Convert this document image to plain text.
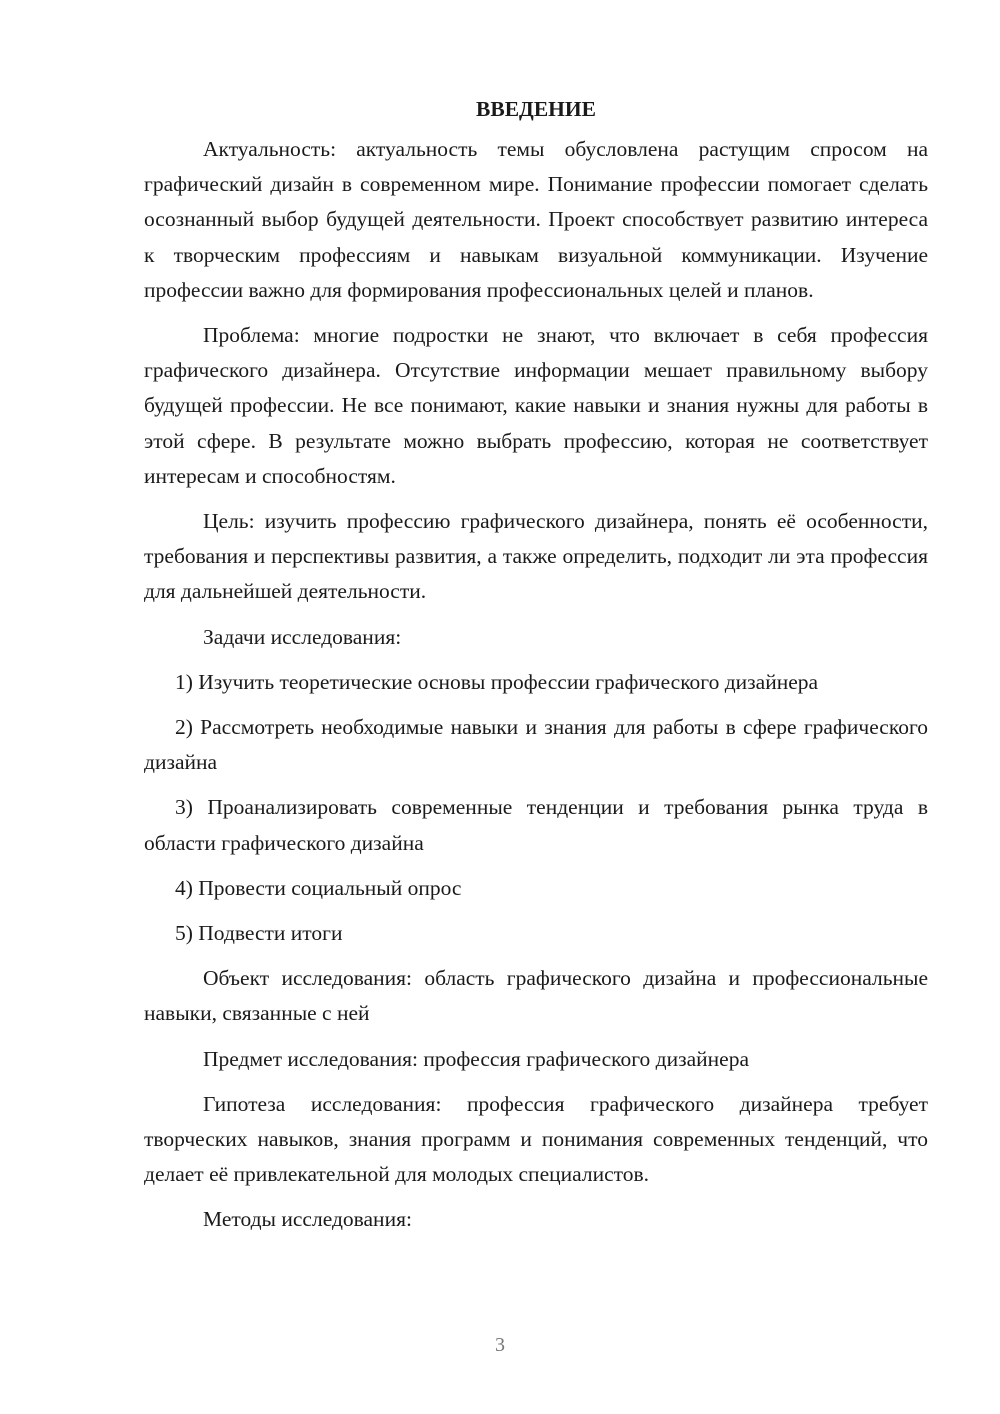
ВВЕДЕНИЕ

Актуальность: актуальность темы обусловлена растущим спросом на графический дизайн в современном мире. Понимание профессии помогает сделать осознанный выбор будущей деятельности. Проект способствует развитию интереса к творческим профессиям и навыкам визуальной коммуникации. Изучение профессии важно для формирования профессиональных целей и планов.

Проблема: многие подростки не знают, что включает в себя профессия графического дизайнера. Отсутствие информации мешает правильному выбору будущей профессии. Не все понимают, какие навыки и знания нужны для работы в этой сфере. В результате можно выбрать профессию, которая не соответствует интересам и способностям.

Цель: изучить профессию графического дизайнера, понять её особенности, требования и перспективы развития, а также определить, подходит ли эта профессия для дальнейшей деятельности.

Задачи исследования:

1) Изучить теоретические основы профессии графического дизайнера

2) Рассмотреть необходимые навыки и знания для работы в сфере графического дизайна

3) Проанализировать современные тенденции и требования рынка труда в области графического дизайна

4) Провести социальный опрос

5) Подвести итоги

Объект исследования: область графического дизайна и профессиональные навыки, связанные с ней

Предмет исследования: профессия графического дизайнера

Гипотеза исследования: профессия графического дизайнера требует творческих навыков, знания программ и понимания современных тенденций, что делает её привлекательной для молодых специалистов.

Методы исследования:

3
